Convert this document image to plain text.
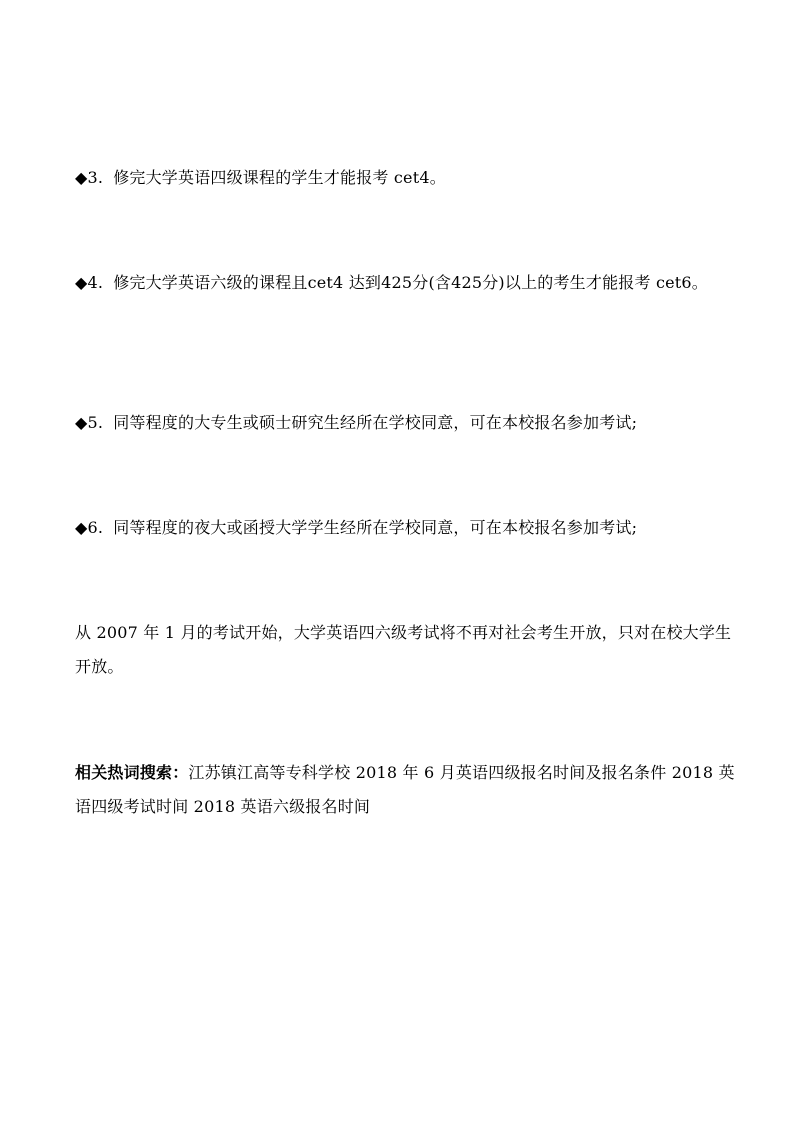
◆3. 修完大学英语四级课程的学生才能报考 cet4。

◆4. 修完大学英语六级的课程且cet4 达到425分(含425分)以上的考生才能报考 cet6。

◆5. 同等程度的大专生或硕士研究生经所在学校同意，可在本校报名参加考试;

◆6. 同等程度的夜大或函授大学学生经所在学校同意，可在本校报名参加考试;

从 2007 年 1 月的考试开始，大学英语四六级考试将不再对社会考生开放，只对在校大学生开放。

相关热词搜索：江苏镇江高等专科学校 2018 年 6 月英语四级报名时间及报名条件 2018 英语四级考试时间 2018 英语六级报名时间
